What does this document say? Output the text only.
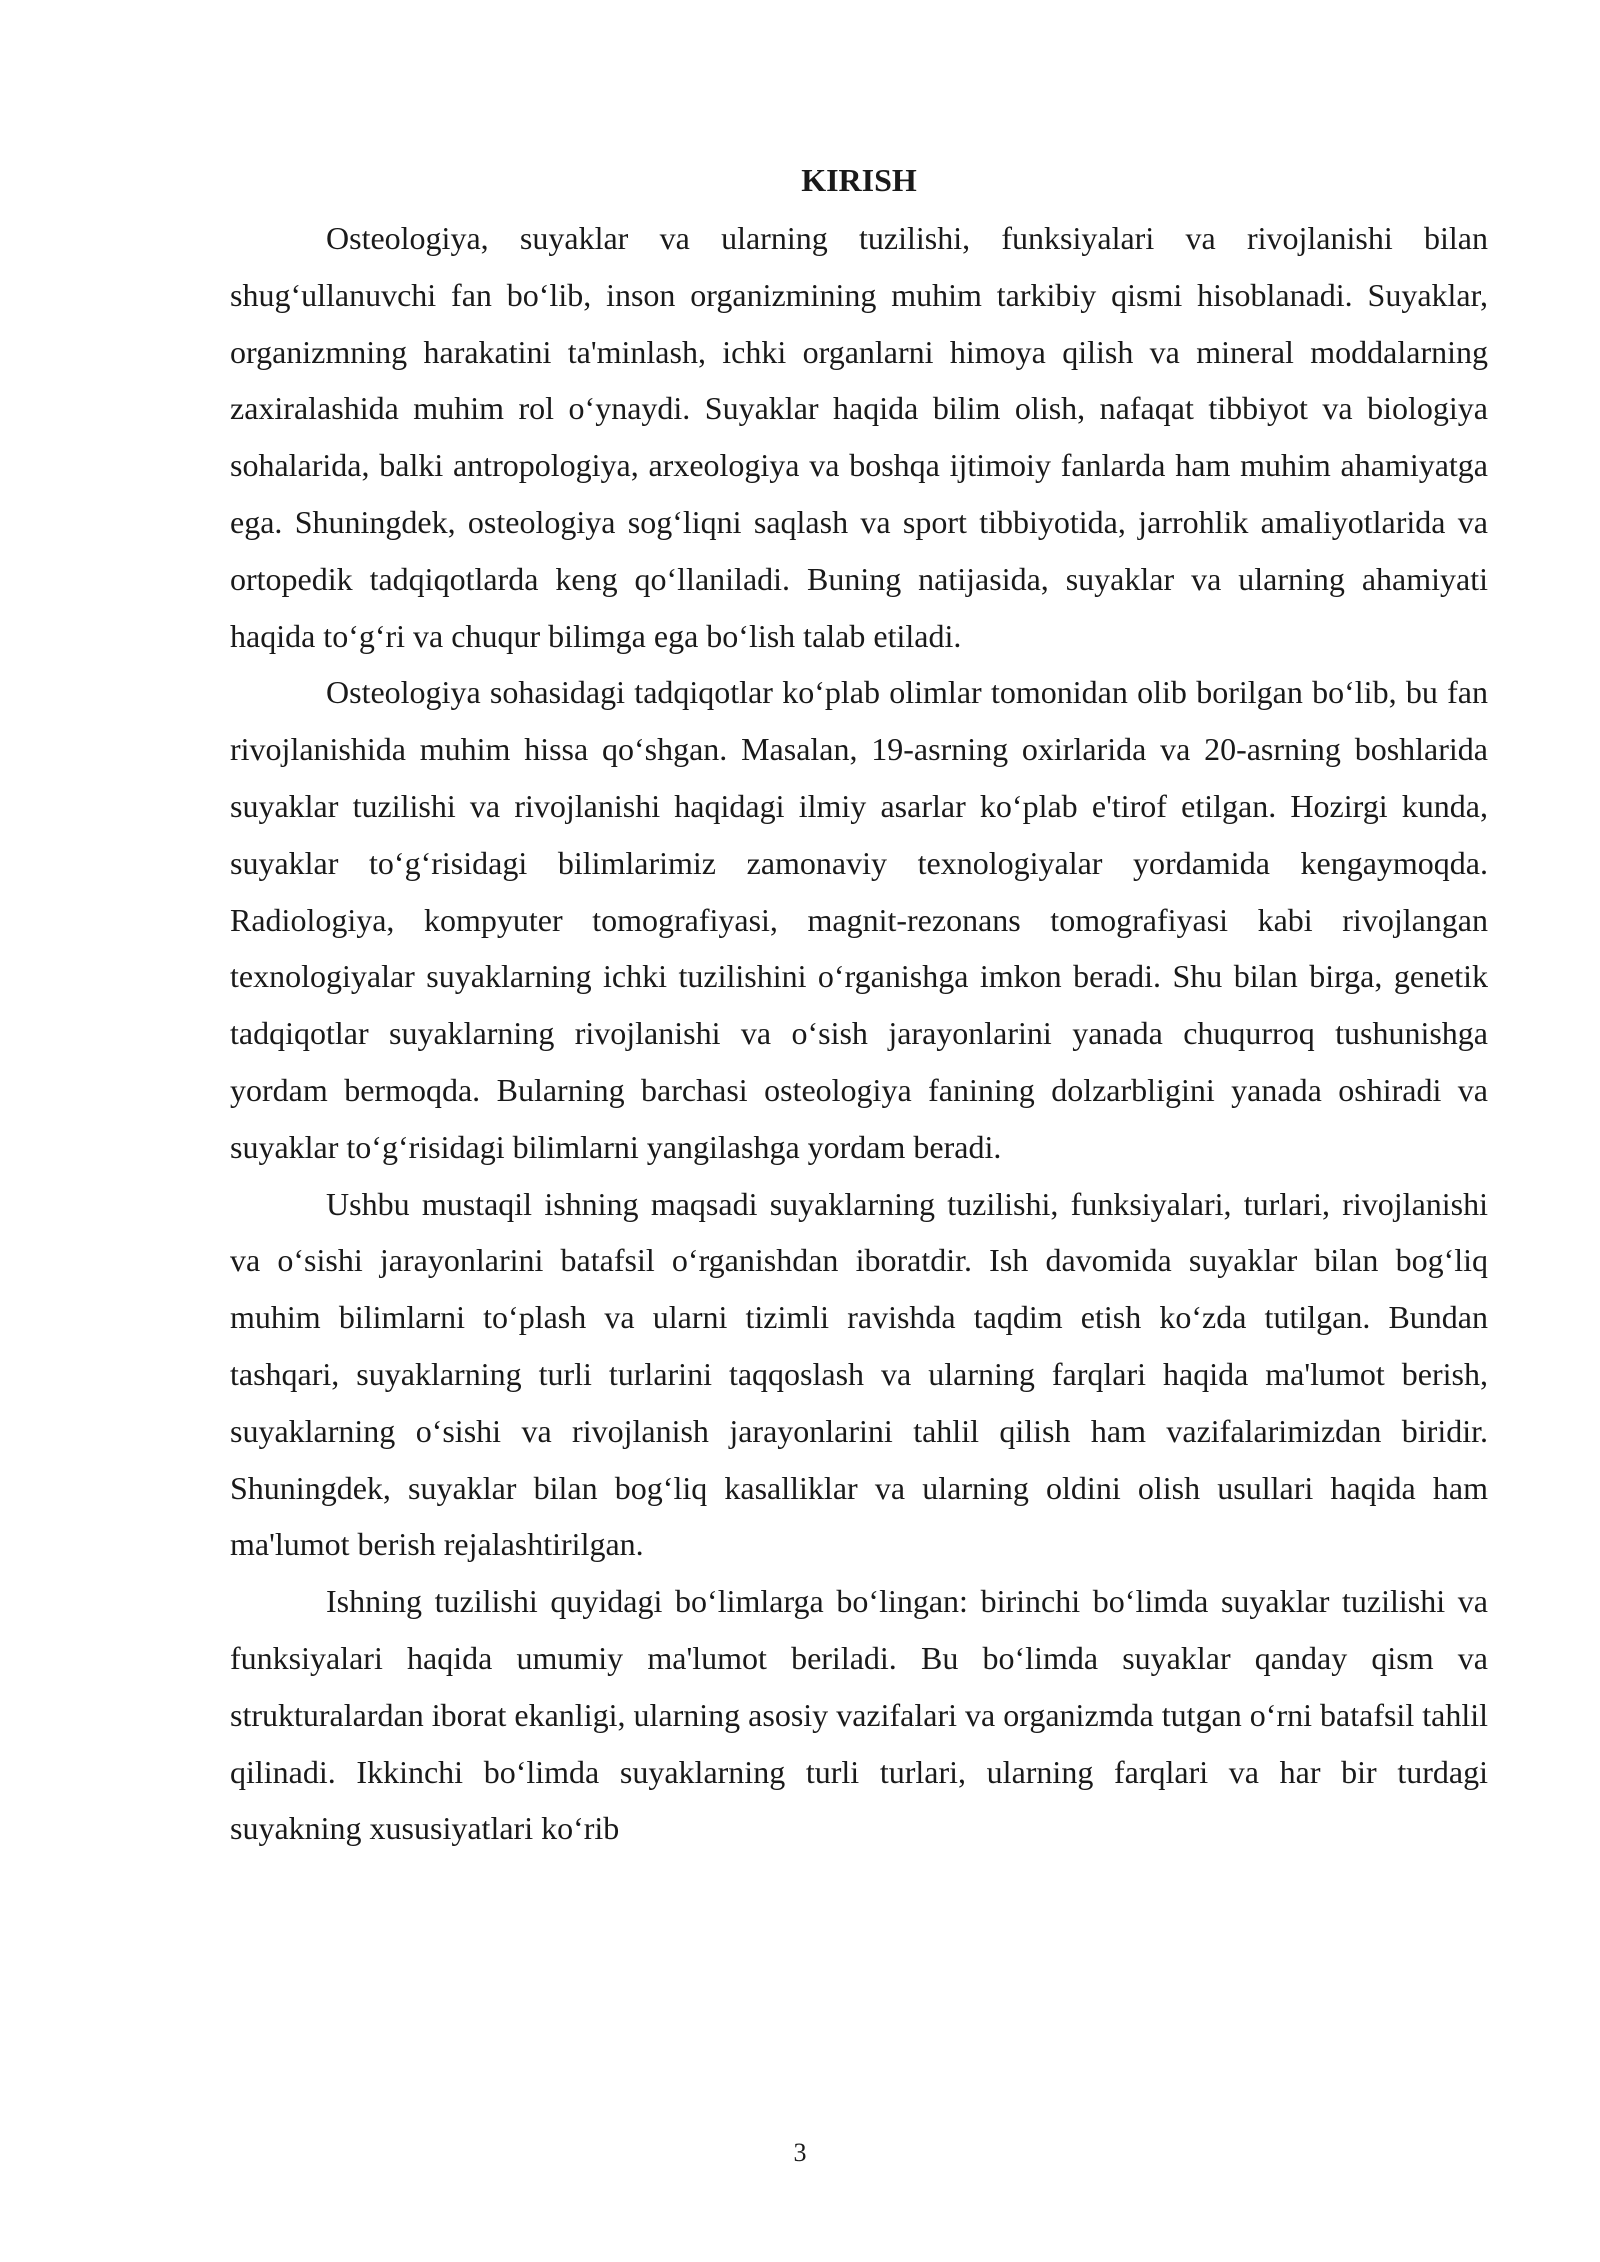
KIRISH

Osteologiya, suyaklar va ularning tuzilishi, funksiyalari va rivojlanishi bilan shug‘ullanuvchi fan bo‘lib, inson organizmining muhim tarkibiy qismi hisoblanadi. Suyaklar, organizmning harakatini ta'minlash, ichki organlarni himoya qilish va mineral moddalarning zaxiralashida muhim rol o‘ynaydi. Suyaklar haqida bilim olish, nafaqat tibbiyot va biologiya sohalarida, balki antropologiya, arxeologiya va boshqa ijtimoiy fanlarda ham muhim ahamiyatga ega. Shuningdek, osteologiya sog‘liqni saqlash va sport tibbiyotida, jarrohlik amaliyotlarida va ortopedik tadqiqotlarda keng qo‘llaniladi. Buning natijasida, suyaklar va ularning ahamiyati haqida to‘g‘ri va chuqur bilimga ega bo‘lish talab etiladi.

Osteologiya sohasidagi tadqiqotlar ko‘plab olimlar tomonidan olib borilgan bo‘lib, bu fan rivojlanishida muhim hissa qo‘shgan. Masalan, 19-asrning oxirlarida va 20-asrning boshlarida suyaklar tuzilishi va rivojlanishi haqidagi ilmiy asarlar ko‘plab e'tirof etilgan. Hozirgi kunda, suyaklar to‘g‘risidagi bilimlarimiz zamonaviy texnologiyalar yordamida kengaymoqda. Radiologiya, kompyuter tomografiyasi, magnit-rezonans tomografiyasi kabi rivojlangan texnologiyalar suyaklarning ichki tuzilishini o‘rganishga imkon beradi. Shu bilan birga, genetik tadqiqotlar suyaklarning rivojlanishi va o‘sish jarayonlarini yanada chuqurroq tushunishga yordam bermoqda. Bularning barchasi osteologiya fanining dolzarbligini yanada oshiradi va suyaklar to‘g‘risidagi bilimlarni yangilashga yordam beradi.

Ushbu mustaqil ishning maqsadi suyaklarning tuzilishi, funksiyalari, turlari, rivojlanishi va o‘sishi jarayonlarini batafsil o‘rganishdan iboratdir. Ish davomida suyaklar bilan bog‘liq muhim bilimlarni to‘plash va ularni tizimli ravishda taqdim etish ko‘zda tutilgan. Bundan tashqari, suyaklarning turli turlarini taqqoslash va ularning farqlari haqida ma'lumot berish, suyaklarning o‘sishi va rivojlanish jarayonlarini tahlil qilish ham vazifalarimizdan biridir. Shuningdek, suyaklar bilan bog‘liq kasalliklar va ularning oldini olish usullari haqida ham ma'lumot berish rejalashtirilgan.

Ishning tuzilishi quyidagi bo‘limlarga bo‘lingan: birinchi bo‘limda suyaklar tuzilishi va funksiyalari haqida umumiy ma'lumot beriladi. Bu bo‘limda suyaklar qanday qism va strukturalardan iborat ekanligi, ularning asosiy vazifalari va organizmda tutgan o‘rni batafsil tahlil qilinadi. Ikkinchi bo‘limda suyaklarning turli turlari, ularning farqlari va har bir turdagi suyakning xususiyatlari ko‘rib

3
